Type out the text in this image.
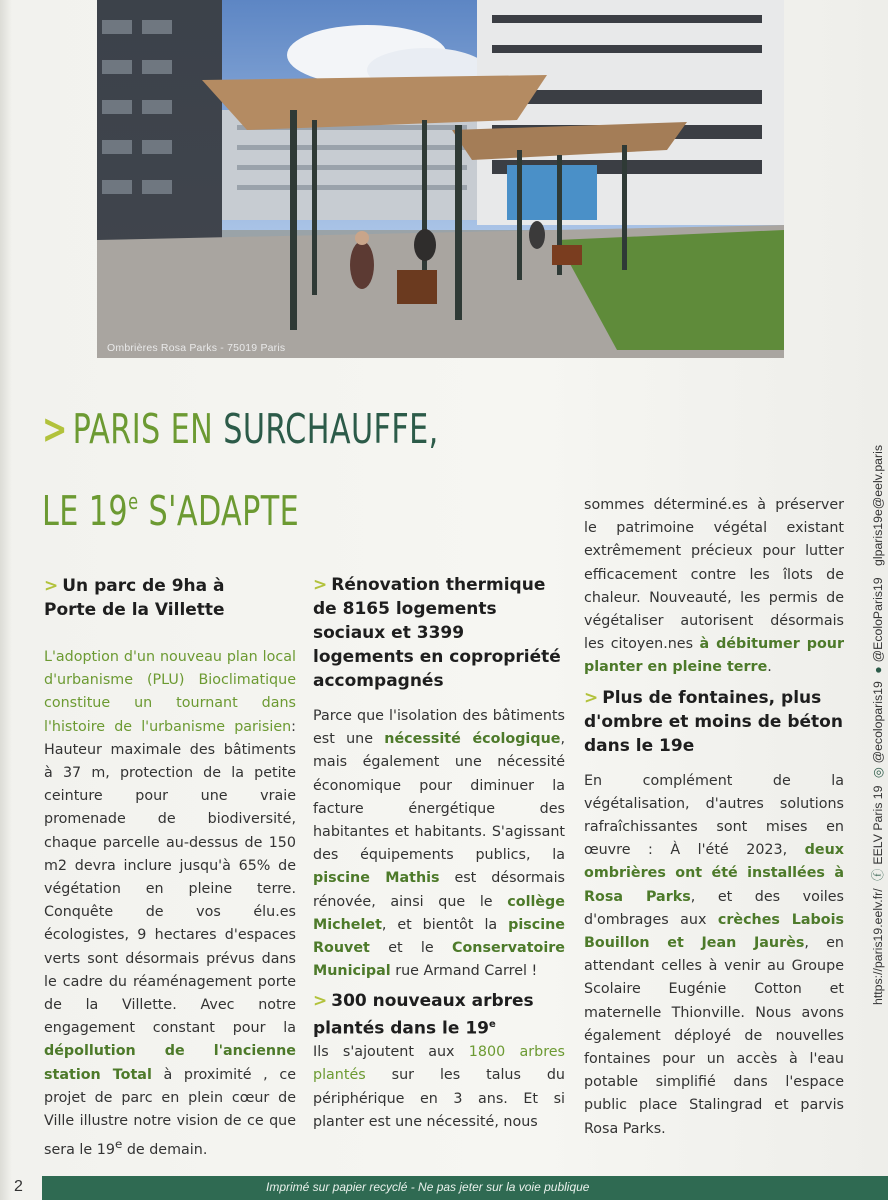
Ombrières Rosa Parks - 75019 Paris
> PARIS EN SURCHAUFFE,
LE 19e S'ADAPTE
> Un parc de 9ha à
Porte de la Villette

L'adoption d'un nouveau plan local d'urbanisme (PLU) Bioclimatique constitue un tournant dans l'histoire de l'urbanisme parisien: Hauteur maximale des bâtiments à 37 m, protection de la petite ceinture pour une vraie promenade de biodiversité, chaque parcelle au-dessus de 150 m2 devra inclure jusqu'à 65% de végétation en pleine terre. Conquête de vos élu.es écologistes, 9 hectares d'espaces verts sont désormais prévus dans le cadre du réaménagement porte de la Villette. Avec notre engagement constant pour la dépollution de l'ancienne station Total à proximité , ce projet de parc en plein cœur de Ville illustre notre vision de ce que sera le 19e de demain.

> Rénovation thermique de 8165 logements sociaux et 3399 logements en copropriété accompagnés

Parce que l'isolation des bâtiments est une nécessité écologique, mais également une nécessité économique pour diminuer la facture énergétique des habitantes et habitants. S'agissant des équipements publics, la piscine Mathis est désormais rénovée, ainsi que le collège Michelet, et bientôt la piscine Rouvet et le Conservatoire Municipal rue Armand Carrel !

> 300 nouveaux arbres plantés dans le 19e

Ils s'ajoutent aux 1800 arbres plantés sur les talus du périphérique en 3 ans. Et si planter est une nécessité, nous

sommes déterminé.es à préserver le patrimoine végétal existant extrêmement précieux pour lutter efficacement contre les îlots de chaleur. Nouveauté, les permis de végétaliser autorisent désormais les citoyen.nes à débitumer pour planter en pleine terre.

> Plus de fontaines, plus d'ombre et moins de béton dans le 19e

En complément de la végétalisation, d'autres solutions rafraîchissantes sont mises en œuvre : À l'été 2023, deux ombrières ont été installées à Rosa Parks, et des voiles d'ombrages aux crèches Labois Bouillon et Jean Jaurès, en attendant celles à venir au Groupe Scolaire Eugénie Cotton et maternelle Thionville. Nous avons également déployé de nouvelles fontaines pour un accès à l'eau potable simplifié dans l'espace public place Stalingrad et parvis Rosa Parks.

https://paris19.eelv.fr/ ⓕEELV Paris 19 ◎@ecoloparis19 ●@EcoloParis19 glparis19e@eelv.paris
2	Imprimé sur papier recyclé - Ne pas jeter sur la voie publique
